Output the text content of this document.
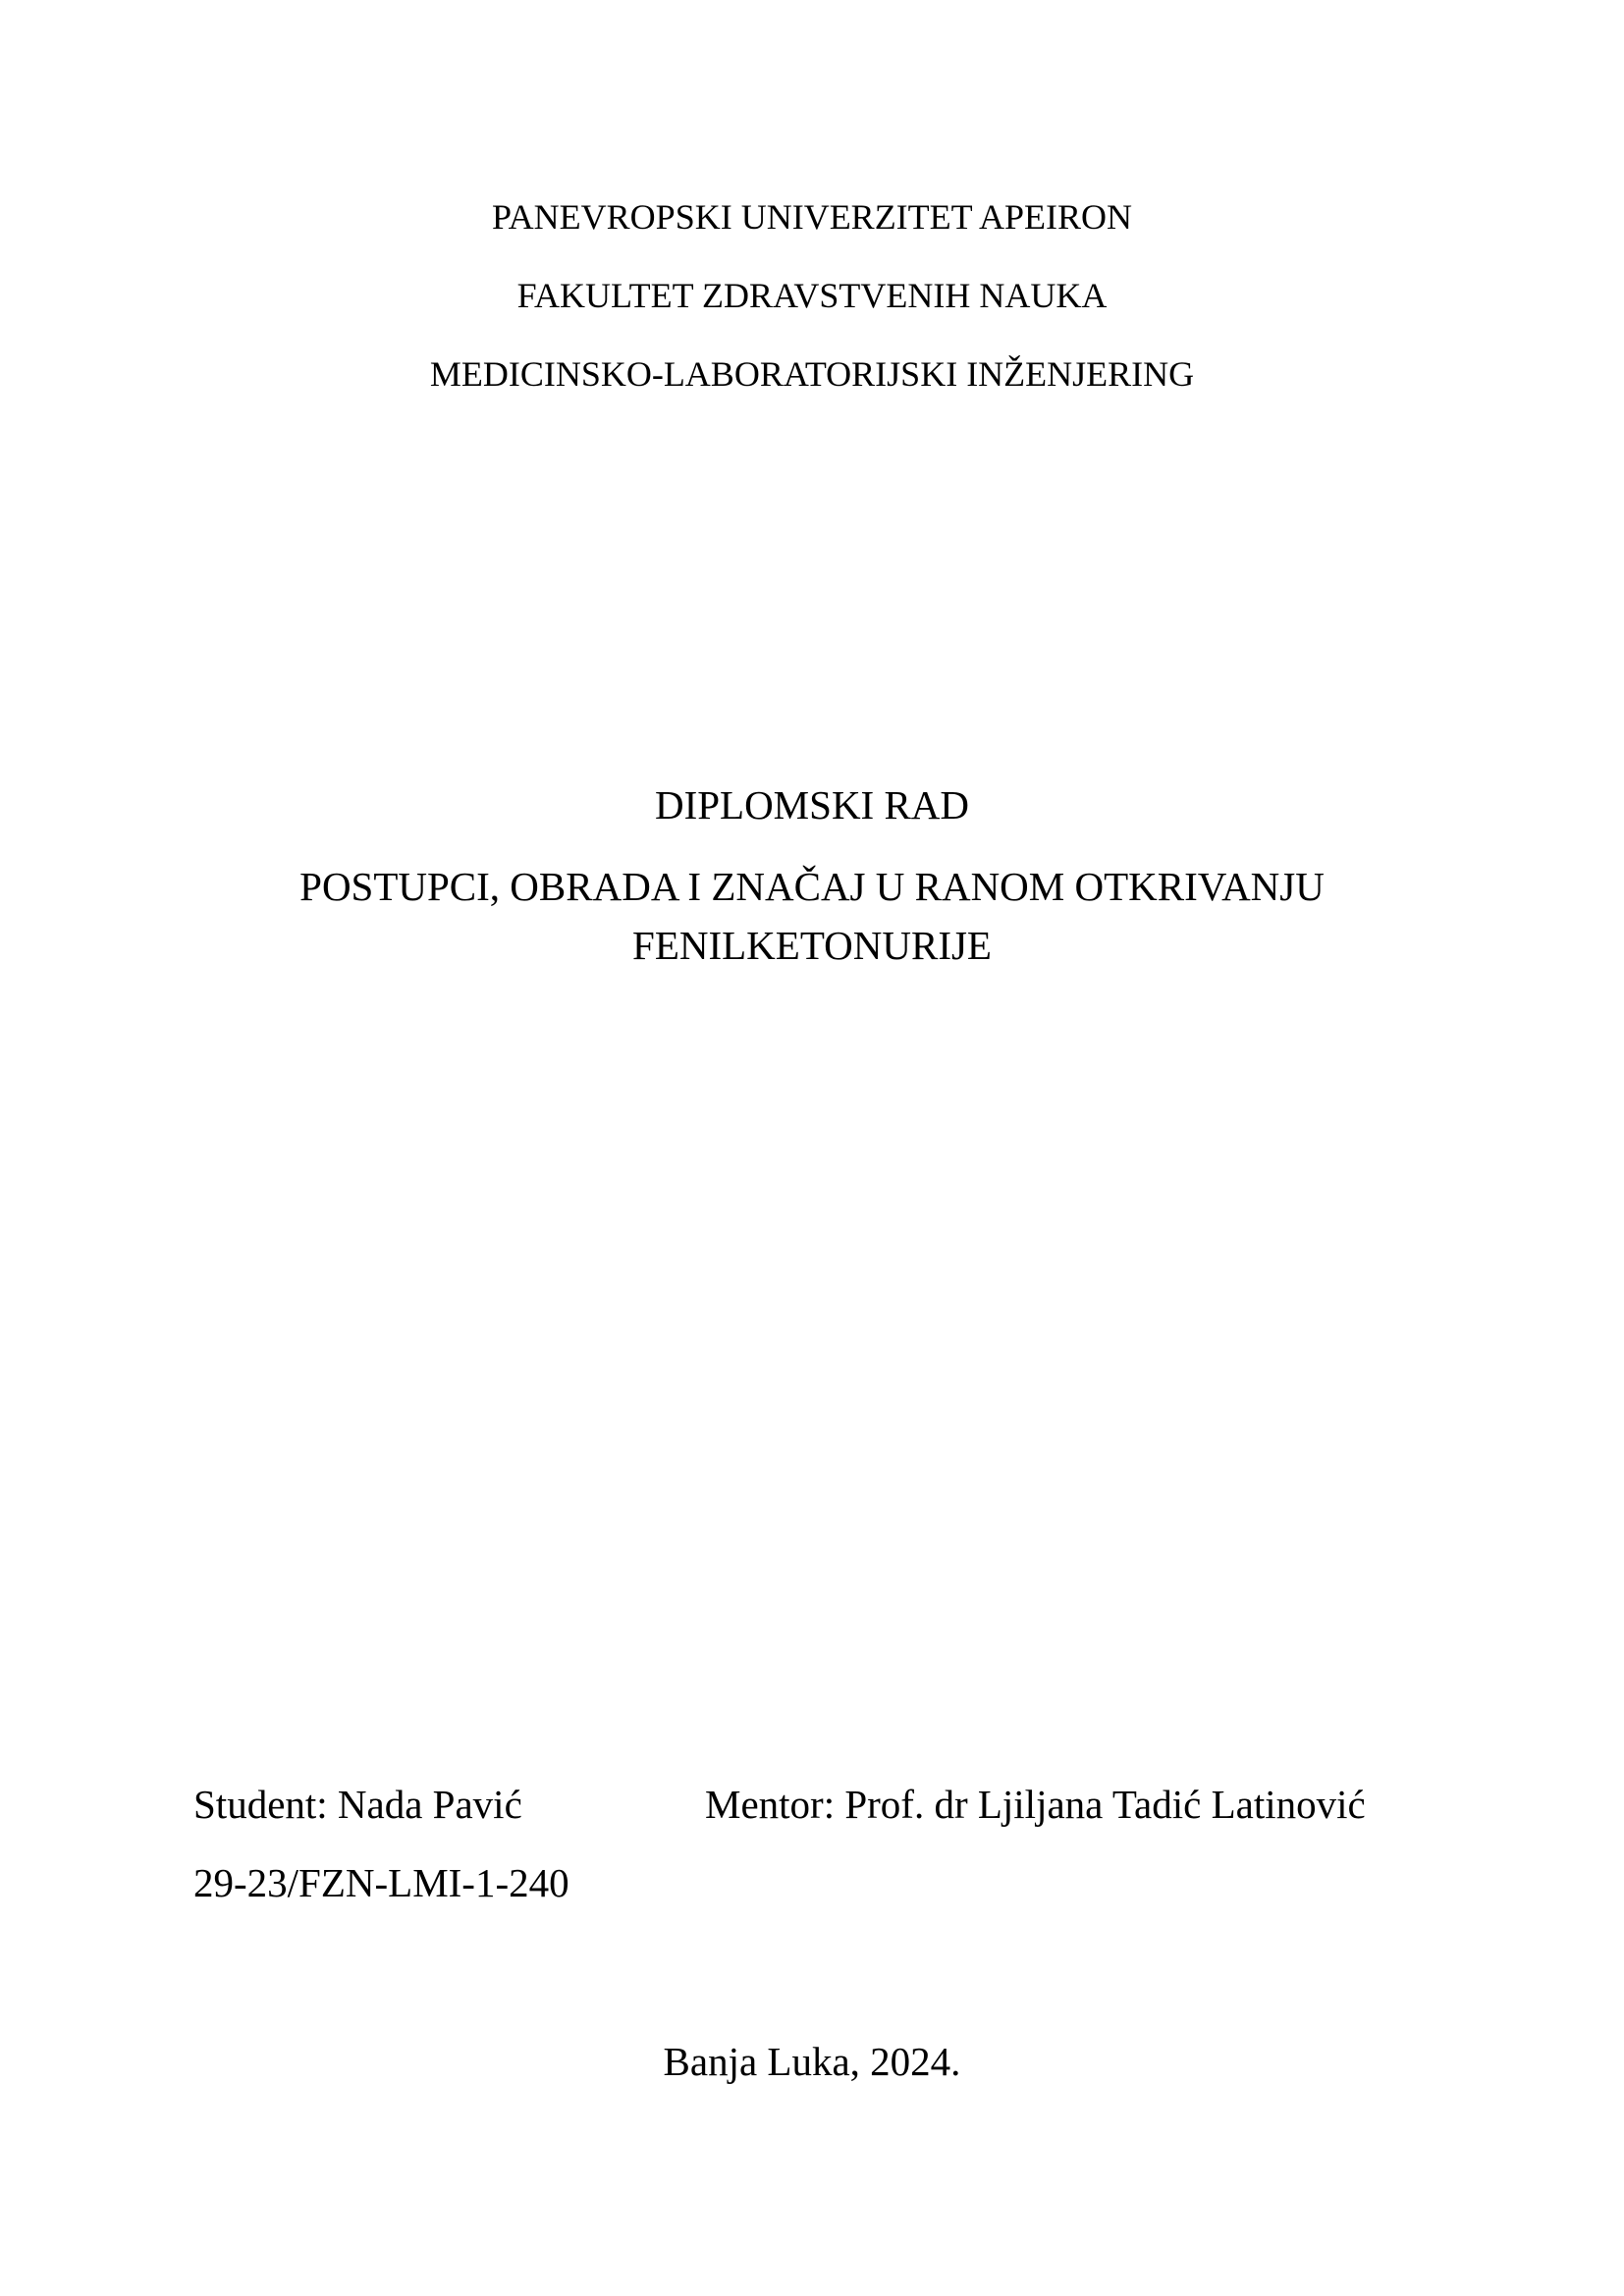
PANEVROPSKI UNIVERZITET APEIRON
FAKULTET ZDRAVSTVENIH NAUKA
MEDICINSKO-LABORATORIJSKI INŽENJERING
DIPLOMSKI RAD
POSTUPCI, OBRADA I ZNAČAJ U RANOM OTKRIVANJU
FENILKETONURIJE
Student: Nada Pavić	Mentor: Prof. dr Ljiljana Tadić Latinović
29-23/FZN-LMI-1-240
Banja Luka, 2024.
